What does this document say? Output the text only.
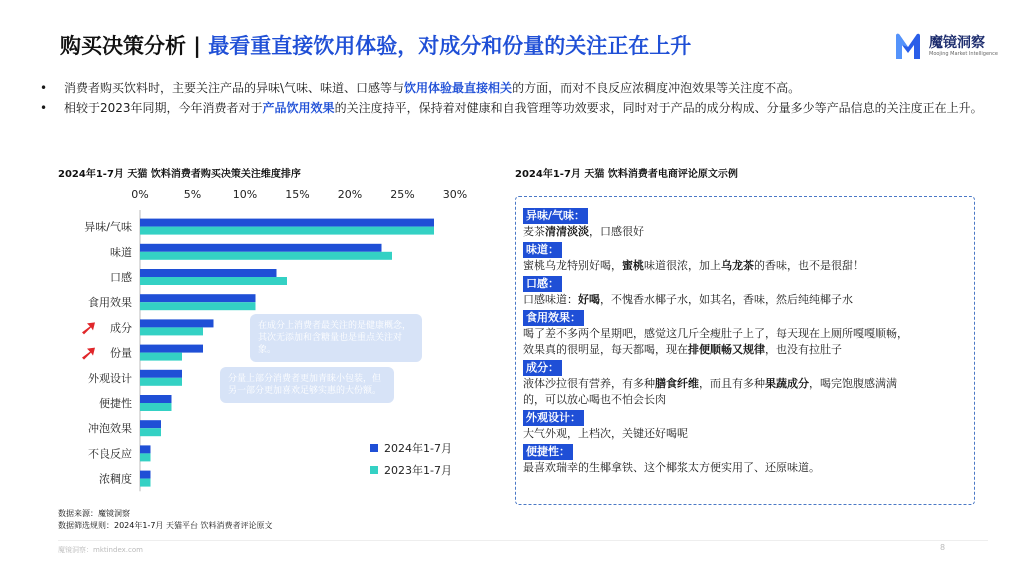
购买决策分析 | 最看重直接饮用体验，对成分和份量的关注正在上升	魔镜洞察
Moojing Market Intelligence
• 消费者购买饮料时，主要关注产品的异味\气味、味道、口感等与饮用体验最直接相关的方面，而对不良反应浓稠度冲泡效果等关注度不高。
• 相较于2023年同期，今年消费者对于产品饮用效果的关注度持平，保持着对健康和自我管理等功效要求，同时对于产品的成分构成、分量多少等产品信息的关注度正在上升。
2024年1-7月 天猫 饮料消费者购买决策关注维度排序	2024年1-7月 天猫 饮料消费者电商评论原文示例
0%	5%	10%	15%	20%	25%	30%
异味/气味
味道
口感
食用效果
成分
份量
外观设计
便捷性
冲泡效果
不良反应
浓稠度
2024年1-7月
2023年1-7月
在成分上消费者最关注的是健康概念，其次无添加和含糖量也是重点关注对象。
分量上部分消费者更加青睐小包装，但另一部分更加喜欢足够实惠的大份额。
异味/气味：

麦茶清清淡淡，口感很好

味道：

蜜桃乌龙特别好喝，蜜桃味道很浓，加上乌龙茶的香味，也不是很甜！

口感：

口感味道：好喝，不愧香水椰子水，如其名，香味，然后纯纯椰子水

食用效果：

喝了差不多两个星期吧，感觉这几斤全瘦肚子上了，每天现在上厕所嘎嘎顺畅，

效果真的很明显，每天都喝，现在排便顺畅又规律，也没有拉肚子

成分：

液体沙拉很有营养，有多种膳食纤维，而且有多种果蔬成分，喝完饱腹感满满

的，可以放心喝也不怕会长肉

外观设计：

大气外观，上档次，关键还好喝呢

便捷性：

最喜欢瑞幸的生椰拿铁、这个椰浆太方便实用了、还原味道。

数据来源：魔镜洞察
数据筛选规则：2024年1-7月 天猫平台 饮料消费者评论原文
魔镜洞察：mktindex.com	8
